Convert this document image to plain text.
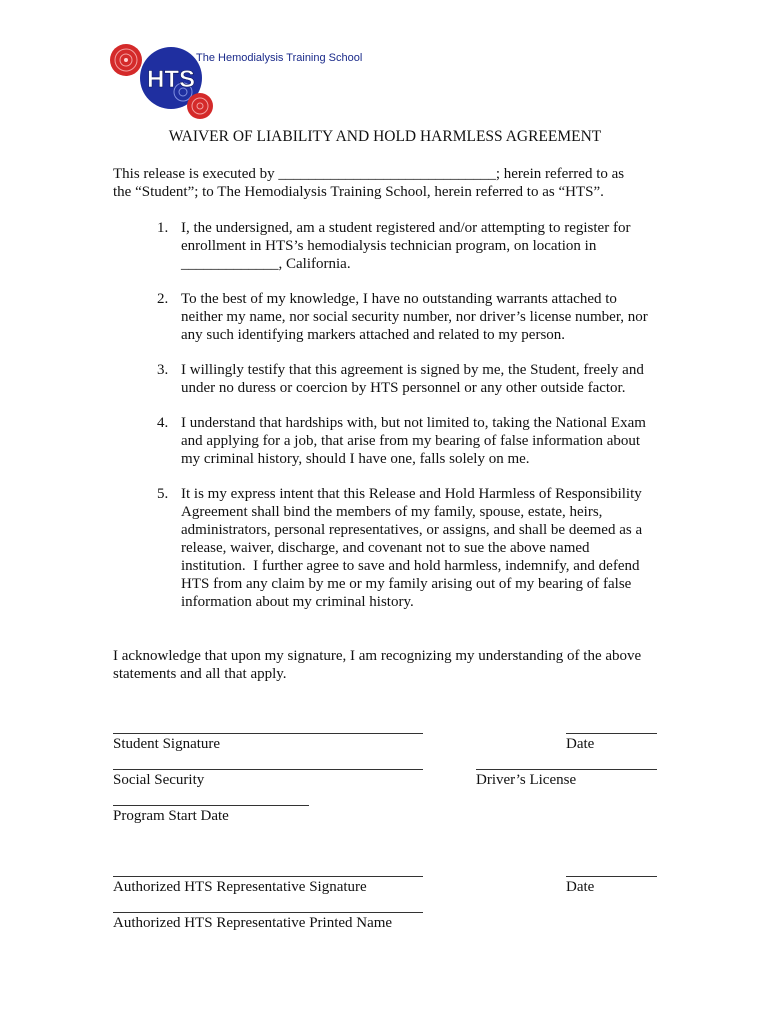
HTS
The Hemodialysis Training School
WAIVER OF LIABILITY AND HOLD HARMLESS AGREEMENT
This release is executed by _____________________________; herein referred to as
the “Student”; to The Hemodialysis Training School, herein referred to as “HTS”.
1. I, the undersigned, am a student registered and/or attempting to register for
enrollment in HTS’s hemodialysis technician program, on location in
_____________, California.
2. To the best of my knowledge, I have no outstanding warrants attached to
neither my name, nor social security number, nor driver’s license number, nor
any such identifying markers attached and related to my person.
3. I willingly testify that this agreement is signed by me, the Student, freely and
under no duress or coercion by HTS personnel or any other outside factor.
4. I understand that hardships with, but not limited to, taking the National Exam
and applying for a job, that arise from my bearing of false information about
my criminal history, should I have one, falls solely on me.
5. It is my express intent that this Release and Hold Harmless of Responsibility
Agreement shall bind the members of my family, spouse, estate, heirs,
administrators, personal representatives, or assigns, and shall be deemed as a
release, waiver, discharge, and covenant not to sue the above named
institution.  I further agree to save and hold harmless, indemnify, and defend
HTS from any claim by me or my family arising out of my bearing of false
information about my criminal history.
I acknowledge that upon my signature, I am recognizing my understanding of the above
statements and all that apply.
Student Signature	Date
Social Security	Driver’s License
Program Start Date
Authorized HTS Representative Signature	Date
Authorized HTS Representative Printed Name
